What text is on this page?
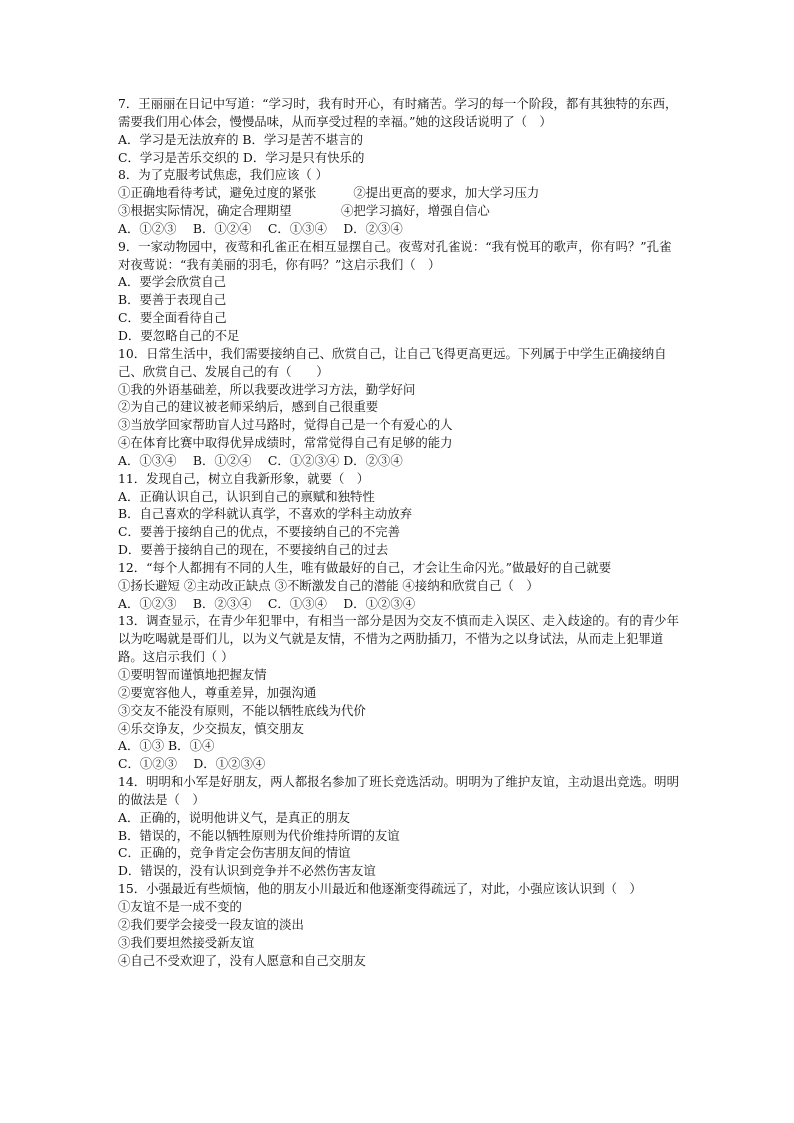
7．王丽丽在日记中写道：“学习时，我有时开心，有时痛苦。学习的每一个阶段，都有其独特的东西，需要我们用心体会，慢慢品味，从而享受过程的幸福。”她的这段话说明了（　）
A．学习是无法放弃的 B．学习是苦不堪言的
C．学习是苦乐交织的 D．学习是只有快乐的
8．为了克服考试焦虑，我们应该（ ）
①正确地看待考试，避免过度的紧张　　　②提出更高的要求，加大学习压力
③根据实际情况，确定合理期望　　　　④把学习搞好，增强自信心
A．①②③　 B．①②④　 C．①③④　 D．②③④
9．一家动物园中，夜莺和孔雀正在相互显摆自己。夜莺对孔雀说：“我有悦耳的歌声，你有吗？”孔雀对夜莺说：“我有美丽的羽毛，你有吗？”这启示我们（　）
A．要学会欣赏自己
B．要善于表现自己
C．要全面看待自己
D．要忽略自己的不足
10．日常生活中，我们需要接纳自己、欣赏自己，让自己飞得更高更远。下列属于中学生正确接纳自己、欣赏自己、发展自己的有（　　）
①我的外语基础差，所以我要改进学习方法，勤学好问
②为自己的建议被老师采纳后，感到自己很重要
③当放学回家帮助盲人过马路时，觉得自己是一个有爱心的人
④在体育比赛中取得优异成绩时，常常觉得自己有足够的能力
A．①③④　 B．①②④　 C．①②③④ D．②③④
11．发现自己，树立自我新形象，就要（　）
A．正确认识自己，认识到自己的禀赋和独特性
B．自己喜欢的学科就认真学，不喜欢的学科主动放弃
C．要善于接纳自己的优点，不要接纳自己的不完善
D．要善于接纳自己的现在，不要接纳自己的过去
12．“每个人都拥有不同的人生，唯有做最好的自己，才会让生命闪光。”做最好的自己就要
①扬长避短 ②主动改正缺点 ③不断激发自己的潜能 ④接纳和欣赏自己（　）
A．①②③　 B．②③④　 C．①③④　 D．①②③④
13．调查显示，在青少年犯罪中，有相当一部分是因为交友不慎而走入误区、走入歧途的。有的青少年以为吃喝就是哥们儿，以为义气就是友情，不惜为之两肋插刀，不惜为之以身试法，从而走上犯罪道路。这启示我们（ ）
①要明智而谨慎地把握友情
②要宽容他人，尊重差异，加强沟通
③交友不能没有原则，不能以牺牲底线为代价
④乐交诤友，少交损友，慎交朋友
A．①③ B．①④
C．①②③　 D．①②③④
14．明明和小军是好朋友，两人都报名参加了班长竞选活动。明明为了维护友谊，主动退出竞选。明明的做法是（　）
A．正确的，说明他讲义气，是真正的朋友
B．错误的，不能以牺牲原则为代价维持所谓的友谊
C．正确的，竞争肯定会伤害朋友间的情谊
D．错误的，没有认识到竞争并不必然伤害友谊
15．小强最近有些烦恼，他的朋友小川最近和他逐渐变得疏远了，对此，小强应该认识到（　）
①友谊不是一成不变的
②我们要学会接受一段友谊的淡出
③我们要坦然接受新友谊
④自己不受欢迎了，没有人愿意和自己交朋友
